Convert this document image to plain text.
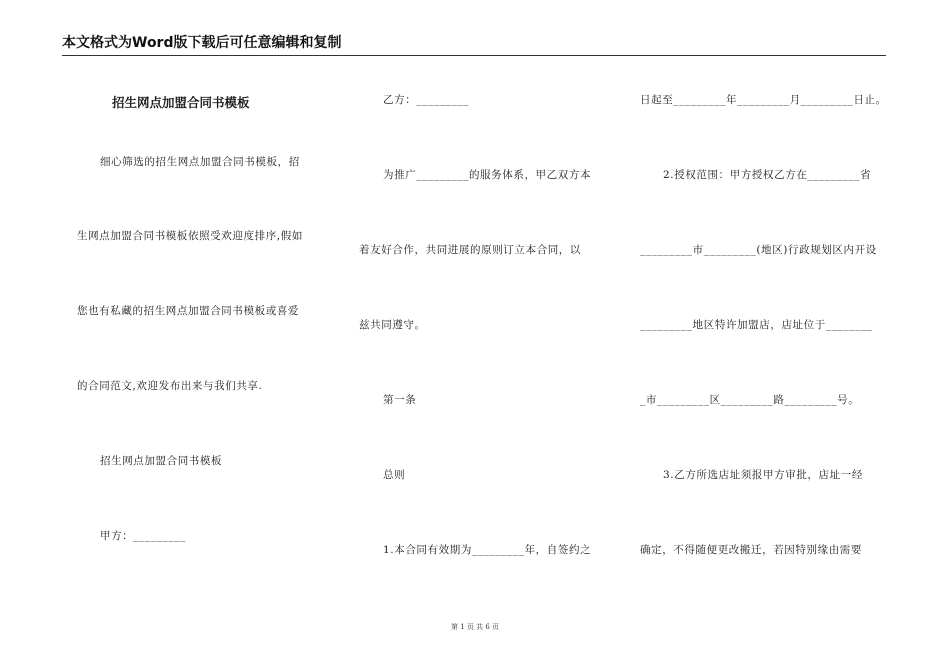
本文格式为Word版下载后可任意编辑和复制
招生网点加盟合同书模板
细心筛选的招生网点加盟合同书模板，招
生网点加盟合同书模板依照受欢迎度排序,假如
您也有私藏的招生网点加盟合同书模板或喜爱
的合同范文,欢迎发布出来与我们共享.
招生网点加盟合同书模板
甲方：_________
乙方：_________
为推广_________的服务体系，甲乙双方本
着友好合作，共同进展的原则订立本合同，以
兹共同遵守。
第一条
总则
1.本合同有效期为_________年，自签约之
日起至_________年_________月_________日止。
2.授权范围：甲方授权乙方在_________省
_________市_________(地区)行政规划区内开设
_________地区特许加盟店，店址位于________
_市_________区_________路_________号。
3.乙方所选店址须报甲方审批，店址一经
确定，不得随便更改搬迁，若因特别缘由需要
第 1 页 共 6 页
